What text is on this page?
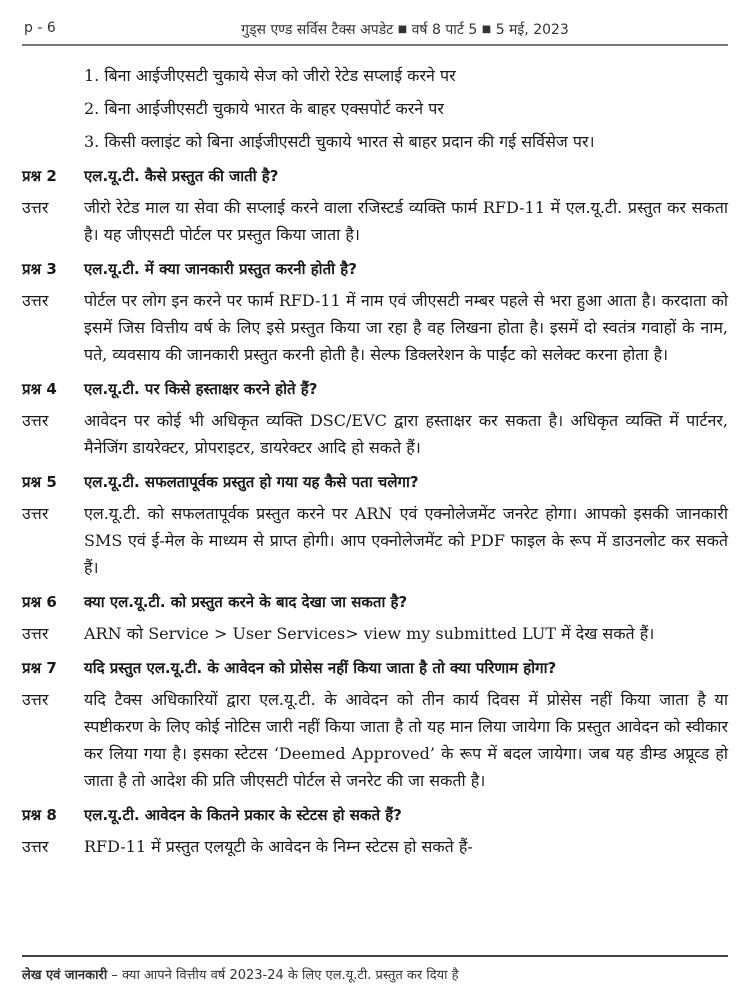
p - 6	गुड्स एण्ड सर्विस टैक्स अपडेट ■ वर्ष 8 पार्ट 5 ■ 5 मई, 2023
1. बिना आईजीएसटी चुकाये सेज को जीरो रेटेड सप्लाई करने पर
2. बिना आईजीएसटी चुकाये भारत के बाहर एक्सपोर्ट करने पर
3. किसी क्लाइंट को बिना आईजीएसटी चुकाये भारत से बाहर प्रदान की गई सर्विसेज पर।
प्रश्न 2	एल.यू.टी. कैसे प्रस्तुत की जाती है?
उत्तर	जीरो रेटेड माल या सेवा की सप्लाई करने वाला रजिस्टर्ड व्यक्ति फार्म RFD-11 में एल.यू.टी. प्रस्तुत कर सकता है। यह जीएसटी पोर्टल पर प्रस्तुत किया जाता है।
प्रश्न 3	एल.यू.टी. में क्या जानकारी प्रस्तुत करनी होती है?
उत्तर	पोर्टल पर लोग इन करने पर फार्म RFD-11 में नाम एवं जीएसटी नम्बर पहले से भरा हुआ आता है। करदाता को इसमें जिस वित्तीय वर्ष के लिए इसे प्रस्तुत किया जा रहा है वह लिखना होता है। इसमें दो स्वतंत्र गवाहों के नाम, पते, व्यवसाय की जानकारी प्रस्तुत करनी होती है। सेल्फ डिक्लरेशन के पाईंट को सलेक्ट करना होता है।
प्रश्न 4	एल.यू.टी. पर किसे हस्ताक्षर करने होते हैं?
उत्तर	आवेदन पर कोई भी अधिकृत व्यक्ति DSC/EVC द्वारा हस्ताक्षर कर सकता है। अधिकृत व्यक्ति में पार्टनर, मैनेजिंग डायरेक्टर, प्रोपराइटर, डायरेक्टर आदि हो सकते हैं।
प्रश्न 5	एल.यू.टी. सफलतापूर्वक प्रस्तुत हो गया यह कैसे पता चलेगा?
उत्तर	एल.यू.टी. को सफलतापूर्वक प्रस्तुत करने पर ARN एवं एक्नोलेजमेंट जनरेट होगा। आपको इसकी जानकारी SMS एवं ई-मेल के माध्यम से प्राप्त होगी। आप एक्नोलेजमेंट को PDF फाइल के रूप में डाउनलोट कर सकते हैं।
प्रश्न 6	क्या एल.यू.टी. को प्रस्तुत करने के बाद देखा जा सकता है?
उत्तर	ARN को Service > User Services> view my submitted LUT में देख सकते हैं।
प्रश्न 7	यदि प्रस्तुत एल.यू.टी. के आवेदन को प्रोसेस नहीं किया जाता है तो क्या परिणाम होगा?
उत्तर	यदि टैक्स अधिकारियों द्वारा एल.यू.टी. के आवेदन को तीन कार्य दिवस में प्रोसेस नहीं किया जाता है या स्पष्टीकरण के लिए कोई नोटिस जारी नहीं किया जाता है तो यह मान लिया जायेगा कि प्रस्तुत आवेदन को स्वीकार कर लिया गया है। इसका स्टेटस ‘Deemed Approved’ के रूप में बदल जायेगा। जब यह डीम्ड अप्रूव्ड हो जाता है तो आदेश की प्रति जीएसटी पोर्टल से जनरेट की जा सकती है।
प्रश्न 8	एल.यू.टी. आवेदन के कितने प्रकार के स्टेटस हो सकते हैं?
उत्तर	RFD-11 में प्रस्तुत एलयूटी के आवेदन के निम्न स्टेटस हो सकते हैं-
लेख एवं जानकारी – क्या आपने वित्तीय वर्ष 2023-24 के लिए एल.यू.टी. प्रस्तुत कर दिया है
